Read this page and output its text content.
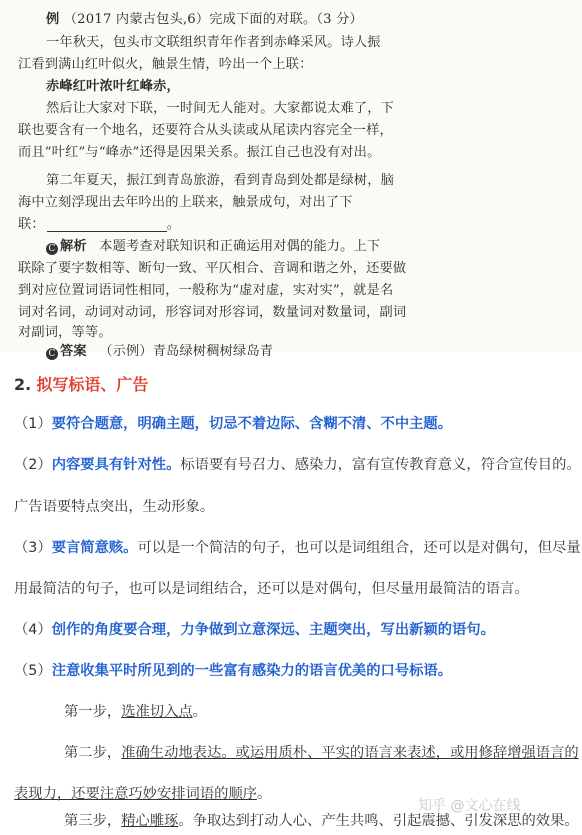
例 （2017 内蒙古包头,6）完成下面的对联。（3 分）
一年秋天，包头市文联组织青年作者到赤峰采风。诗人振
江看到满山红叶似火，触景生情，吟出一个上联：
赤峰红叶浓叶红峰赤，
然后让大家对下联，一时间无人能对。大家都说太难了，下
联也要含有一个地名，还要符合从头读或从尾读内容完全一样，
而且“叶红”与“峰赤”还得是因果关系。振江自己也没有对出。
第二年夏天，振江到青岛旅游，看到青岛到处都是绿树，脑
海中立刻浮现出去年吟出的上联来，触景成句，对出了下
联：	。
C 解析 本题考查对联知识和正确运用对偶的能力。上下
联除了要字数相等、断句一致、平仄相合、音调和谐之外，还要做
到对应位置词语词性相同，一般称为“虚对虚，实对实”，就是名
词对名词，动词对动词，形容词对形容词，数量词对数量词，副词
对副词，等等。
C 答案 （示例）青岛绿树稠树绿岛青
2. 拟写标语、广告
（1）要符合题意，明确主题，切忌不着边际、含糊不清、不中主题。
（2）内容要具有针对性。标语要有号召力、感染力，富有宣传教育意义，符合宣传目的。
广告语要特点突出，生动形象。
（3）要言简意赅。可以是一个简洁的句子，也可以是词组组合，还可以是对偶句，但尽量
用最简洁的句子，也可以是词组结合，还可以是对偶句，但尽量用最简洁的语言。
（4）创作的角度要合理，力争做到立意深远、主题突出，写出新颖的语句。
（5）注意收集平时所见到的一些富有感染力的语言优美的口号标语。
第一步，选准切入点。
第二步，准确生动地表达。或运用质朴、平实的语言来表述，或用修辞增强语言的
表现力，还要注意巧妙安排词语的顺序。
第三步，精心雕琢。争取达到打动人心、产生共鸣、引起震撼、引发深思的效果。
知乎 @文心在线
